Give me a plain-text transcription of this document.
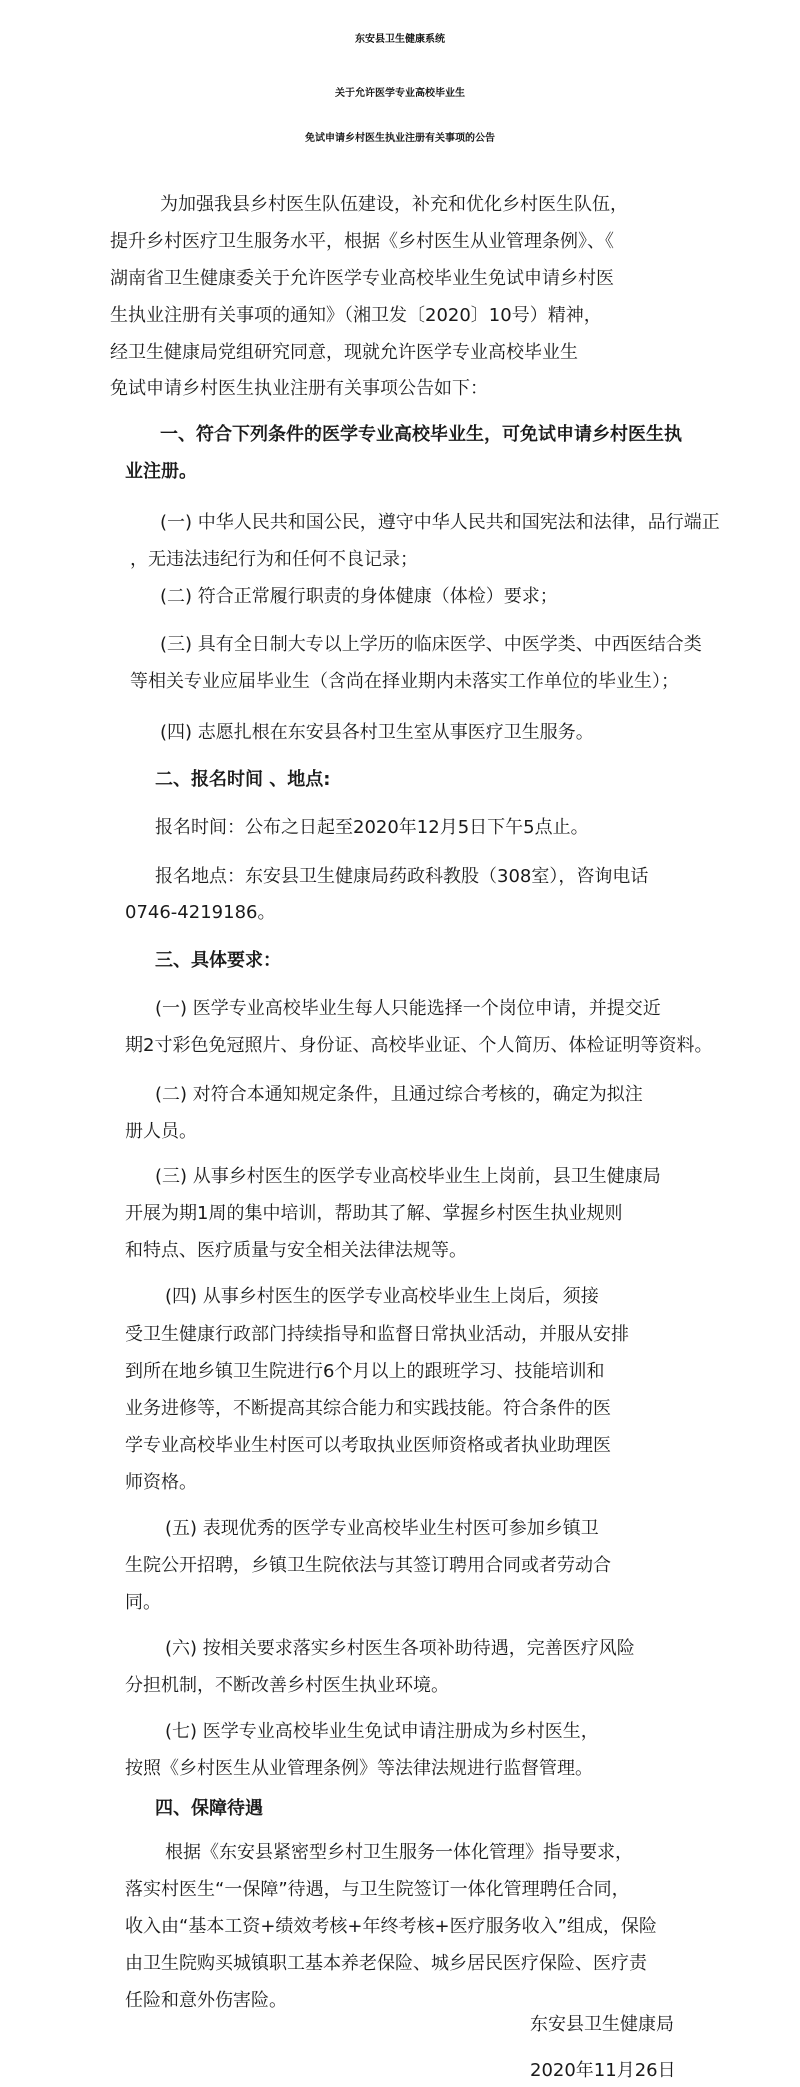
东安县卫生健康系统
关于允许医学专业高校毕业生
免试申请乡村医生执业注册有关事项的公告
为加强我县乡村医生队伍建设，补充和优化乡村医生队伍，
提升乡村医疗卫生服务水平，根据《乡村医生从业管理条例》、《
湖南省卫生健康委关于允许医学专业高校毕业生免试申请乡村医
生执业注册有关事项的通知》（湘卫发〔2020〕10号）精神，
经卫生健康局党组研究同意，现就允许医学专业高校毕业生
免试申请乡村医生执业注册有关事项公告如下：
一、符合下列条件的医学专业高校毕业生，可免试申请乡村医生执
业注册。
(一) 中华人民共和国公民，遵守中华人民共和国宪法和法律，品行端正
，无违法违纪行为和任何不良记录；
(二) 符合正常履行职责的身体健康（体检）要求；
(三) 具有全日制大专以上学历的临床医学、中医学类、中西医结合类
等相关专业应届毕业生（含尚在择业期内未落实工作单位的毕业生）；
(四) 志愿扎根在东安县各村卫生室从事医疗卫生服务。
二、报名时间 、地点:
报名时间：公布之日起至2020年12月5日下午5点止。
报名地点：东安县卫生健康局药政科教股（308室），咨询电话
0746-4219186。
三、具体要求：
(一) 医学专业高校毕业生每人只能选择一个岗位申请，并提交近
期2寸彩色免冠照片、身份证、高校毕业证、个人简历、体检证明等资料。
(二) 对符合本通知规定条件，且通过综合考核的，确定为拟注
册人员。
(三) 从事乡村医生的医学专业高校毕业生上岗前，县卫生健康局
开展为期1周的集中培训，帮助其了解、掌握乡村医生执业规则
和特点、医疗质量与安全相关法律法规等。
(四) 从事乡村医生的医学专业高校毕业生上岗后，须接
受卫生健康行政部门持续指导和监督日常执业活动，并服从安排
到所在地乡镇卫生院进行6个月以上的跟班学习、技能培训和
业务进修等，不断提高其综合能力和实践技能。符合条件的医
学专业高校毕业生村医可以考取执业医师资格或者执业助理医
师资格。
(五) 表现优秀的医学专业高校毕业生村医可参加乡镇卫
生院公开招聘，乡镇卫生院依法与其签订聘用合同或者劳动合
同。
(六) 按相关要求落实乡村医生各项补助待遇，完善医疗风险
分担机制，不断改善乡村医生执业环境。
(七) 医学专业高校毕业生免试申请注册成为乡村医生，
按照《乡村医生从业管理条例》等法律法规进行监督管理。
四、保障待遇
根据《东安县紧密型乡村卫生服务一体化管理》指导要求，
落实村医生“一保障”待遇，与卫生院签订一体化管理聘任合同，
收入由“基本工资+绩效考核+年终考核+医疗服务收入”组成，保险
由卫生院购买城镇职工基本养老保险、城乡居民医疗保险、医疗责
任险和意外伤害险。
东安县卫生健康局
2020年11月26日
